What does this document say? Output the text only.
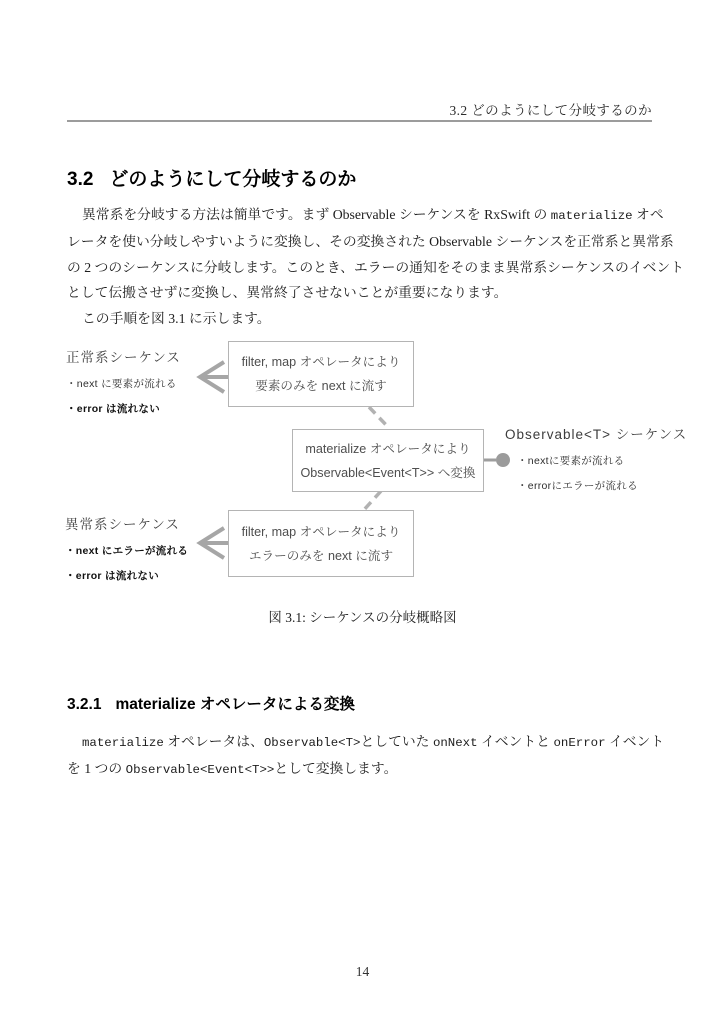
3.2 どのようにして分岐するのか
3.2 どのようにして分岐するのか
異常系を分岐する方法は簡単です。まず Observable シーケンスを RxSwift の materialize オペ
レータを使い分岐しやすいように変換し、その変換された Observable シーケンスを正常系と異常系
の 2 つのシーケンスに分岐します。このとき、エラーの通知をそのまま異常系シーケンスのイベント
として伝搬させずに変換し、異常終了させないことが重要になります。
この手順を図 3.1 に示します。
正常系シーケンス
・next に要素が流れる
・error は流れない
filter, map オペレータにより
要素のみを next に流す
materialize オペレータにより
Observable<Event<T>> へ変換
Observable<T> シーケンス
・nextに要素が流れる
・errorにエラーが流れる
filter, map オペレータにより
エラーのみを next に流す
異常系シーケンス
・next にエラーが流れる
・error は流れない
図 3.1: シーケンスの分岐概略図
3.2.1 materialize オペレータによる変換
materialize オペレータは、Observable<T>としていた onNext イベントと onError イベント
を 1 つの Observable<Event<T>>として変換します。
14
